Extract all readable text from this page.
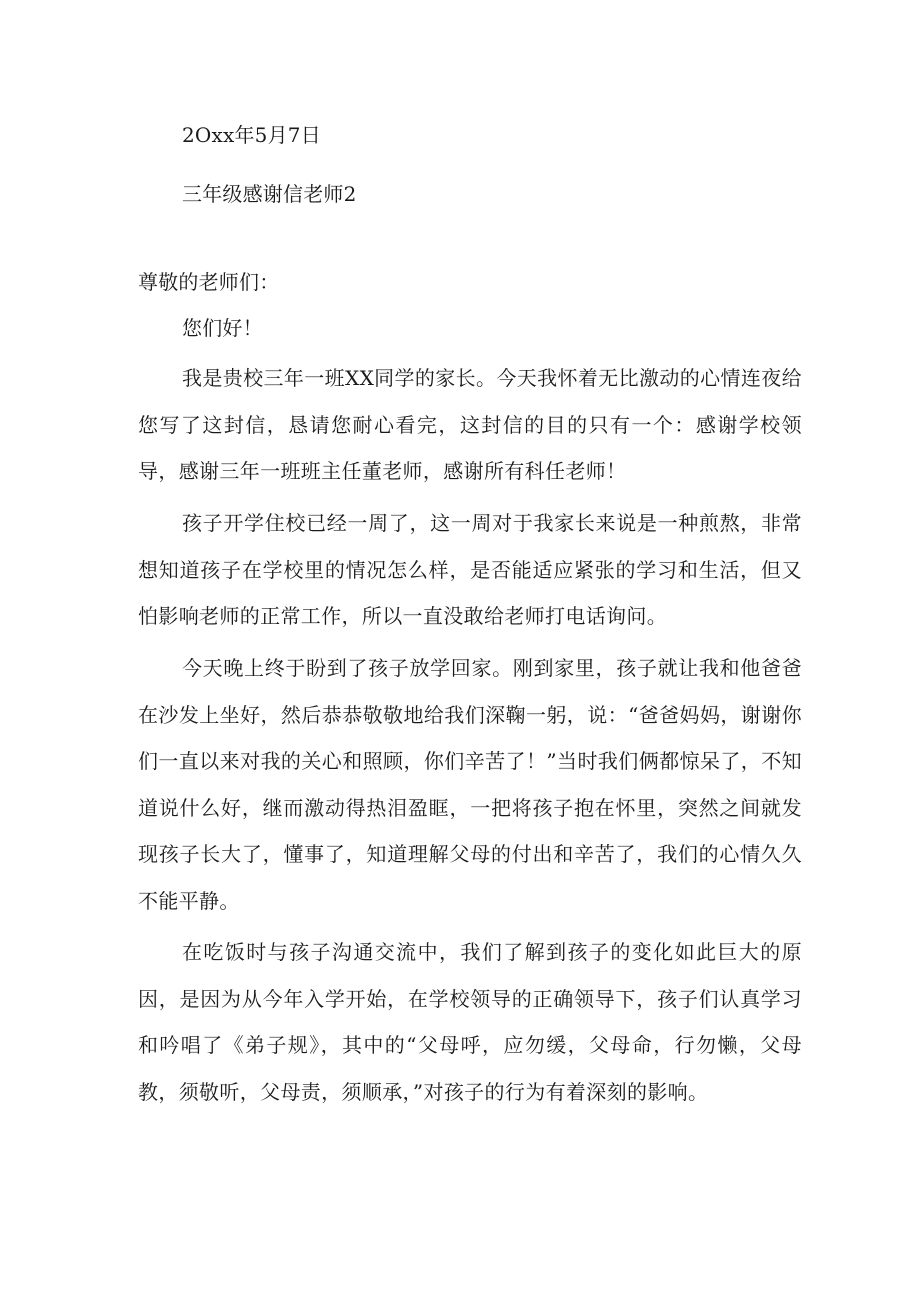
2Oxx年5月7日
三年级感谢信老师2
尊敬的老师们：
您们好！

我是贵校三年一班XX同学的家长。今天我怀着无比激动的心情连夜给您写了这封信，恳请您耐心看完，这封信的目的只有一个：感谢学校领导，感谢三年一班班主任董老师，感谢所有科任老师！

孩子开学住校已经一周了，这一周对于我家长来说是一种煎熬，非常想知道孩子在学校里的情况怎么样，是否能适应紧张的学习和生活，但又怕影响老师的正常工作，所以一直没敢给老师打电话询问。

今天晚上终于盼到了孩子放学回家。刚到家里，孩子就让我和他爸爸在沙发上坐好，然后恭恭敬敬地给我们深鞠一躬，说：“爸爸妈妈，谢谢你们一直以来对我的关心和照顾，你们辛苦了！”当时我们俩都惊呆了，不知道说什么好，继而激动得热泪盈眶，一把将孩子抱在怀里，突然之间就发现孩子长大了，懂事了，知道理解父母的付出和辛苦了，我们的心情久久不能平静。

在吃饭时与孩子沟通交流中，我们了解到孩子的变化如此巨大的原因，是因为从今年入学开始，在学校领导的正确领导下，孩子们认真学习和吟唱了《弟子规》，其中的“父母呼，应勿缓，父母命，行勿懒，父母教，须敬听，父母责，须顺承，”对孩子的行为有着深刻的影响。
